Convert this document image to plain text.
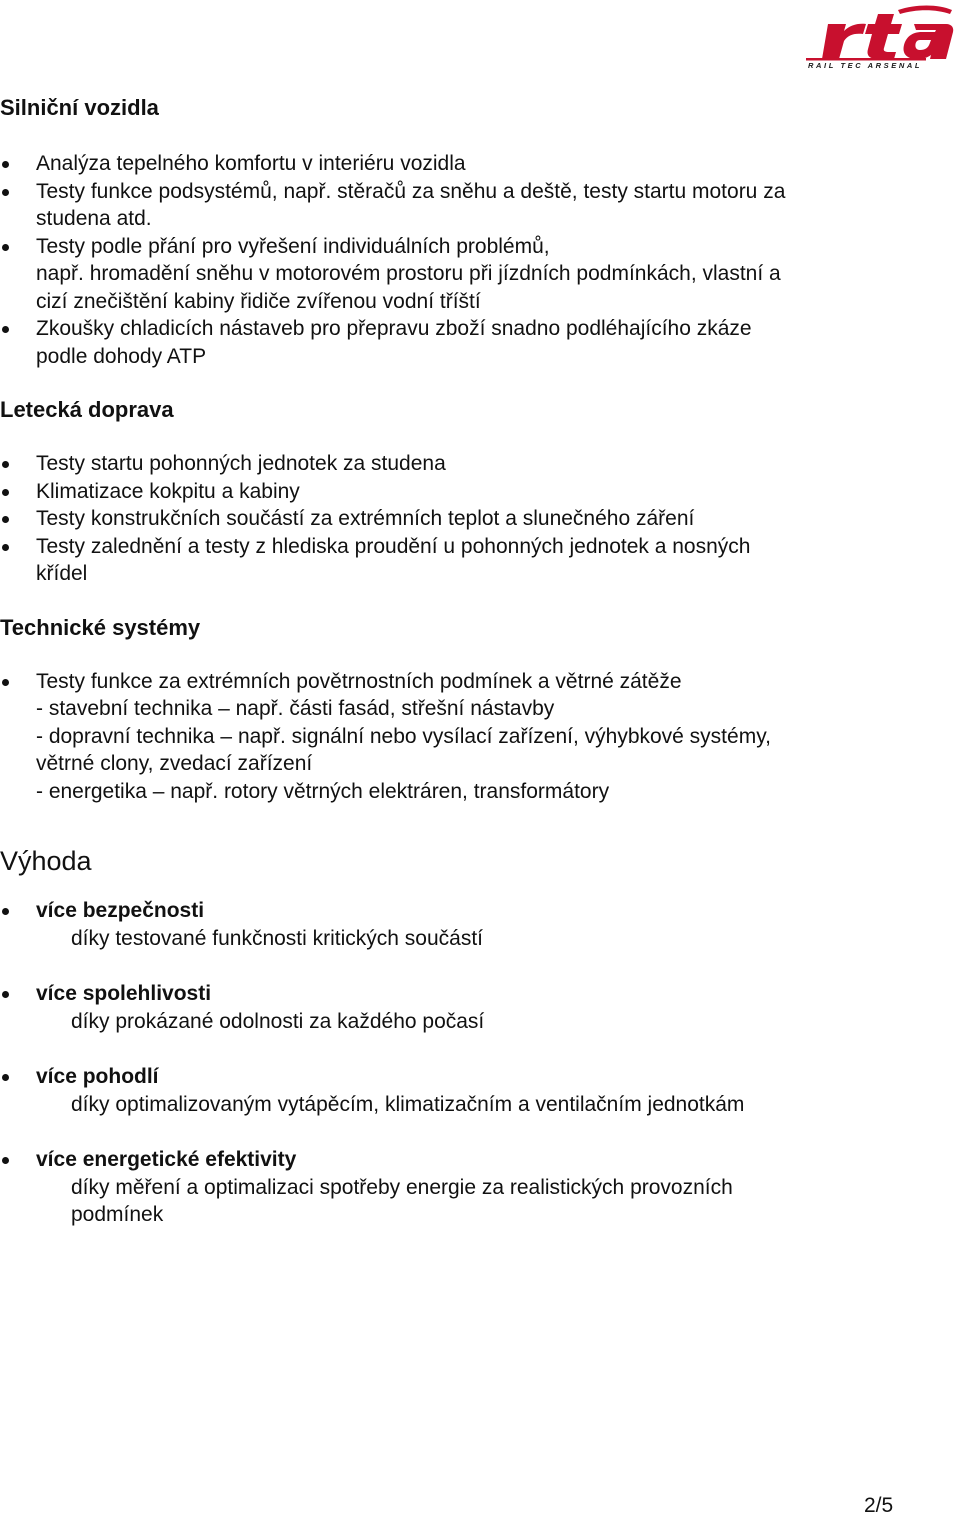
RAIL TEC ARSENAL
Silniční vozidla
Analýza tepelného komfortu v interiéru vozidla
Testy funkce podsystémů, např. stěračů za sněhu a deště, testy startu motoru za
studena atd.
Testy podle přání pro vyřešení individuálních problémů,
např. hromadění sněhu v motorovém prostoru při jízdních podmínkách, vlastní a
cizí znečištění kabiny řidiče zvířenou vodní tříští
Zkoušky chladicích nástaveb pro přepravu zboží snadno podléhajícího zkáze
podle dohody ATP
Letecká doprava
Testy startu pohonných jednotek za studena
Klimatizace kokpitu a kabiny
Testy konstrukčních součástí za extrémních teplot a slunečného záření
Testy zalednění a testy z hlediska proudění u pohonných jednotek a nosných
křídel
Technické systémy
Testy funkce za extrémních povětrnostních podmínek a větrné zátěže
- stavební technika – např. části fasád, střešní nástavby
- dopravní technika – např. signální nebo vysílací zařízení, výhybkové systémy,
větrné clony, zvedací zařízení
- energetika – např. rotory větrných elektráren, transformátory
Výhoda
více bezpečnosti
díky testované funkčnosti kritických součástí
více spolehlivosti
díky prokázané odolnosti za každého počasí
více pohodlí
díky optimalizovaným vytápěcím, klimatizačním a ventilačním jednotkám
více energetické efektivity
díky měření a optimalizaci spotřeby energie za realistických provozních
podmínek
2/5
